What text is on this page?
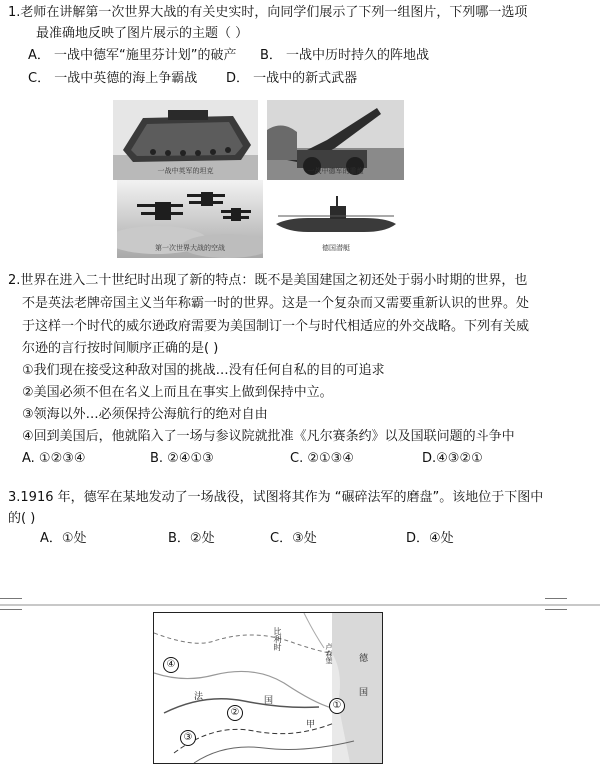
1.老师在讲解第一次世界大战的有关史实时，向同学们展示了下列一组图片，下列哪一选项
最准确地反映了图片展示的主题（ ）
A． 一战中德军“施里芬计划”的破产 B． 一战中历时持久的阵地战
C． 一战中英德的海上争霸战 D． 一战中的新式武器
一战中英军的坦克	一战中德军的重炮
第一次世界大战的空战	德国潜艇
2.世界在进入二十世纪时出现了新的特点：既不是美国建国之初还处于弱小时期的世界，也
不是英法老牌帝国主义当年称霸一时的世界。这是一个复杂而又需要重新认识的世界。处
于这样一个时代的威尔逊政府需要为美国制订一个与时代相适应的外交战略。下列有关威
尔逊的言行按时间顺序正确的是( )
①我们现在接受这种敌对国的挑战…没有任何自私的目的可追求
②美国必须不但在名义上而且在事实上做到保持中立。
③领海以外…必须保持公海航行的绝对自由
④回到美国后，他就陷入了一场与参议院就批准《凡尔赛条约》以及国联问题的斗争中
A. ①②③④	B. ②④①③	C. ②①③④	D.④③②①
3.1916 年，德军在某地发动了一场战役，试图将其作为 “碾碎法军的磨盘”。该地位于下图中
的( )
A．①处	B．②处	C．③处	D．④处
④
②
①
③
比利时
卢森堡	德
国
法	国
甲
